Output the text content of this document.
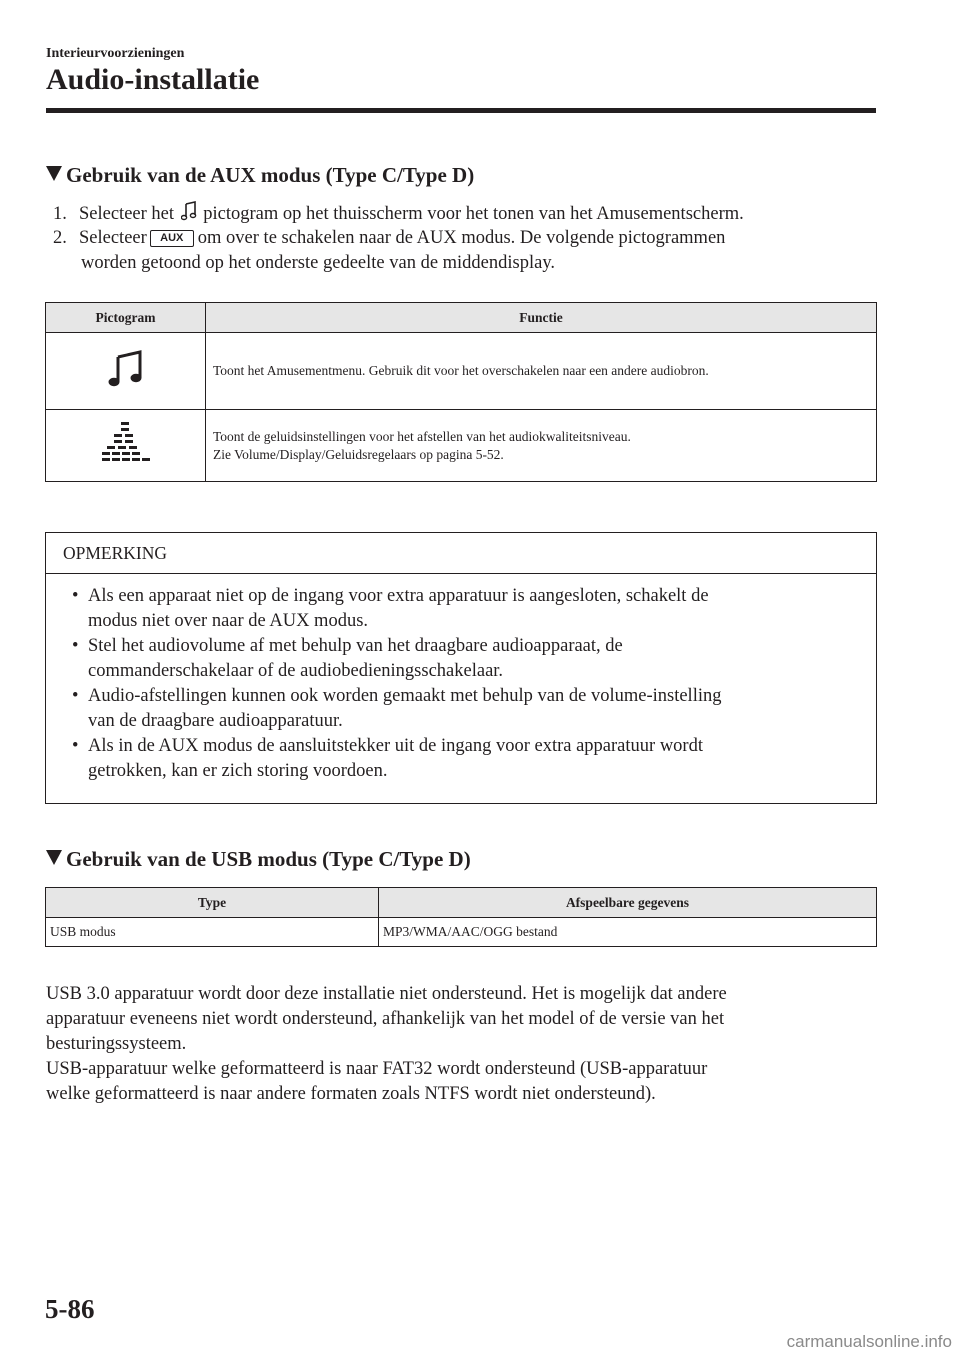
Interieurvoorzieningen
Audio-installatie
Gebruik van de AUX modus (Type C/Type D)
1. Selecteer het pictogram op het thuisscherm voor het tonen van het Amusementscherm.
2. Selecteer AUX om over te schakelen naar de AUX modus. De volgende pictogrammen
worden getoond op het onderste gedeelte van de middendisplay.
Pictogram	Functie

Toont het Amusementmenu. Gebruik dit voor het overschakelen naar een andere audiobron.

Toont de geluidsinstellingen voor het afstellen van het audiokwaliteitsniveau.
Zie Volume/Display/Geluidsregelaars op pagina 5-52.
OPMERKING
• Als een apparaat niet op de ingang voor extra apparatuur is aangesloten, schakelt de
modus niet over naar de AUX modus.
• Stel het audiovolume af met behulp van het draagbare audioapparaat, de
commanderschakelaar of de audiobedieningsschakelaar.
• Audio-afstellingen kunnen ook worden gemaakt met behulp van de volume-instelling
van de draagbare audioapparatuur.
• Als in de AUX modus de aansluitstekker uit de ingang voor extra apparatuur wordt
getrokken, kan er zich storing voordoen.
Gebruik van de USB modus (Type C/Type D)
Type	Afspeelbare gegevens
USB modus	MP3/WMA/AAC/OGG bestand
USB 3.0 apparatuur wordt door deze installatie niet ondersteund. Het is mogelijk dat andere
apparatuur eveneens niet wordt ondersteund, afhankelijk van het model of de versie van het
besturingssysteem.
USB-apparatuur welke geformatteerd is naar FAT32 wordt ondersteund (USB-apparatuur
welke geformatteerd is naar andere formaten zoals NTFS wordt niet ondersteund).
5-86
carmanualsonline.info
